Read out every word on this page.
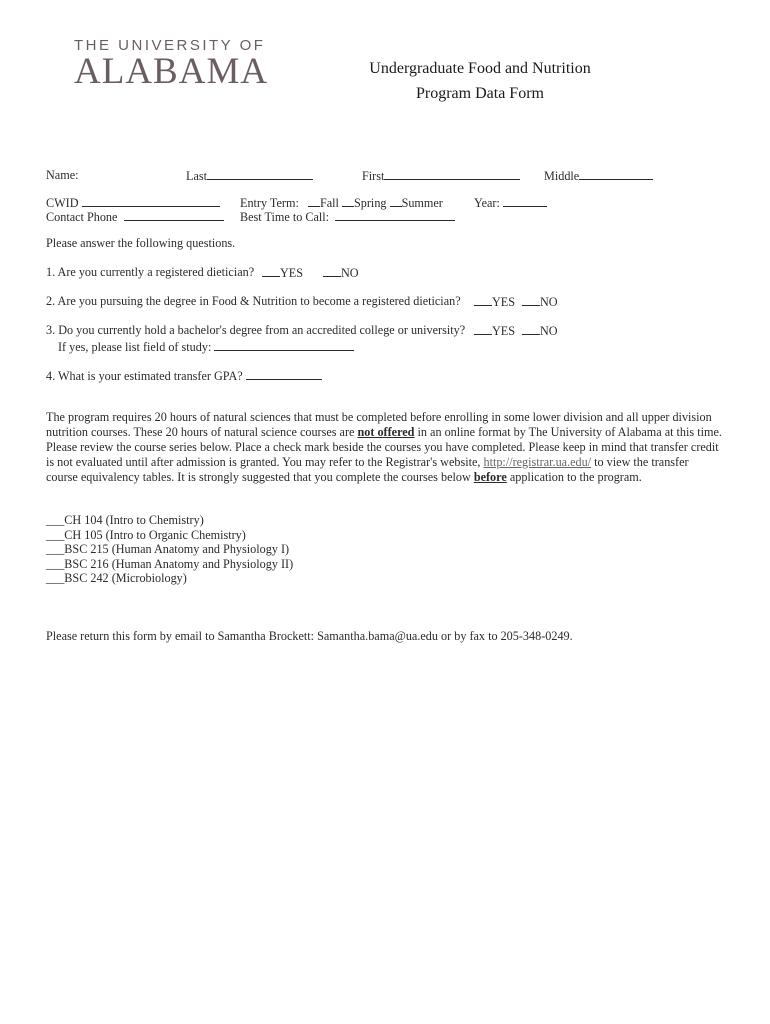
THE UNIVERSITY OF
ALABAMA	Undergraduate Food and Nutrition
Program Data Form
Name:	Last	First	Middle
CWID	Entry Term: Fall Spring Summer	Year:
Contact Phone	Best Time to Call:
Please answer the following questions.
1. Are you currently a registered dietician?	YES	NO
2. Are you pursuing the degree in Food & Nutrition to become a registered dietician?	YES	NO
3. Do you currently hold a bachelor's degree from an accredited college or university?	YES	NO
If yes, please list field of study:
4. What is your estimated transfer GPA?
The program requires 20 hours of natural sciences that must be completed before enrolling in some lower division and all upper division
nutrition courses. These 20 hours of natural science courses are not offered in an online format by The University of Alabama at this time.
Please review the course series below. Place a check mark beside the courses you have completed. Please keep in mind that transfer credit
is not evaluated until after admission is granted. You may refer to the Registrar's website, http://registrar.ua.edu/ to view the transfer
course equivalency tables. It is strongly suggested that you complete the courses below before application to the program.
___CH 104 (Intro to Chemistry)
___CH 105 (Intro to Organic Chemistry)
___BSC 215 (Human Anatomy and Physiology I)
___BSC 216 (Human Anatomy and Physiology II)
___BSC 242 (Microbiology)
Please return this form by email to Samantha Brockett: Samantha.bama@ua.edu or by fax to 205-348-0249.
